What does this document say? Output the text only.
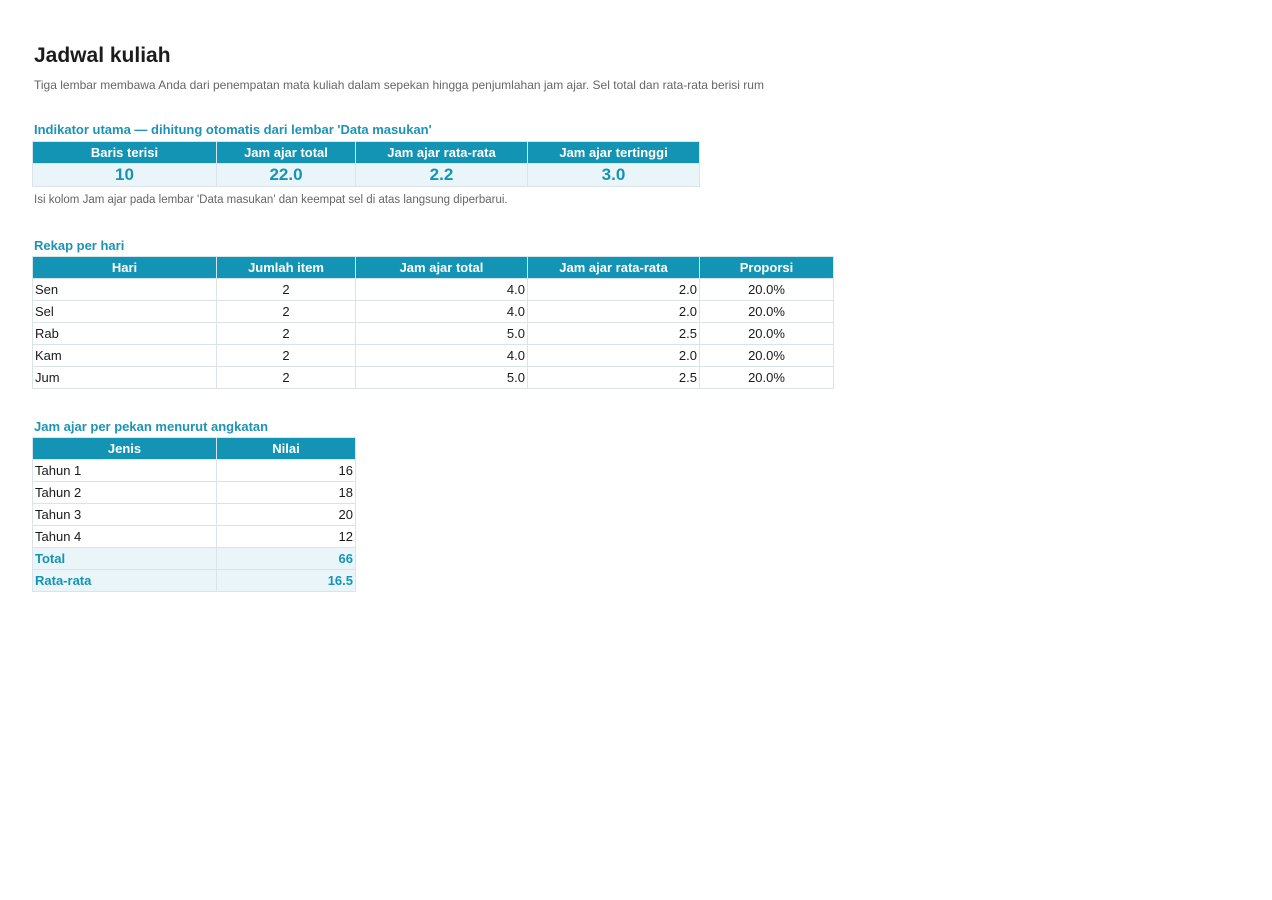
Jadwal kuliah
Tiga lembar membawa Anda dari penempatan mata kuliah dalam sepekan hingga penjumlahan jam ajar. Sel total dan rata-rata berisi rum
Indikator utama — dihitung otomatis dari lembar 'Data masukan'
Baris terisi	Jam ajar total	Jam ajar rata-rata	Jam ajar tertinggi
10	22.0	2.2	3.0
Isi kolom Jam ajar pada lembar 'Data masukan' dan keempat sel di atas langsung diperbarui.
Rekap per hari
Hari	Jumlah item	Jam ajar total	Jam ajar rata-rata	Proporsi
Sen	2	4.0	2.0	20.0%
Sel	2	4.0	2.0	20.0%
Rab	2	5.0	2.5	20.0%
Kam	2	4.0	2.0	20.0%
Jum	2	5.0	2.5	20.0%
Jam ajar per pekan menurut angkatan
Jenis	Nilai
Tahun 1	16
Tahun 2	18
Tahun 3	20
Tahun 4	12
Total	66
Rata-rata	16.5
